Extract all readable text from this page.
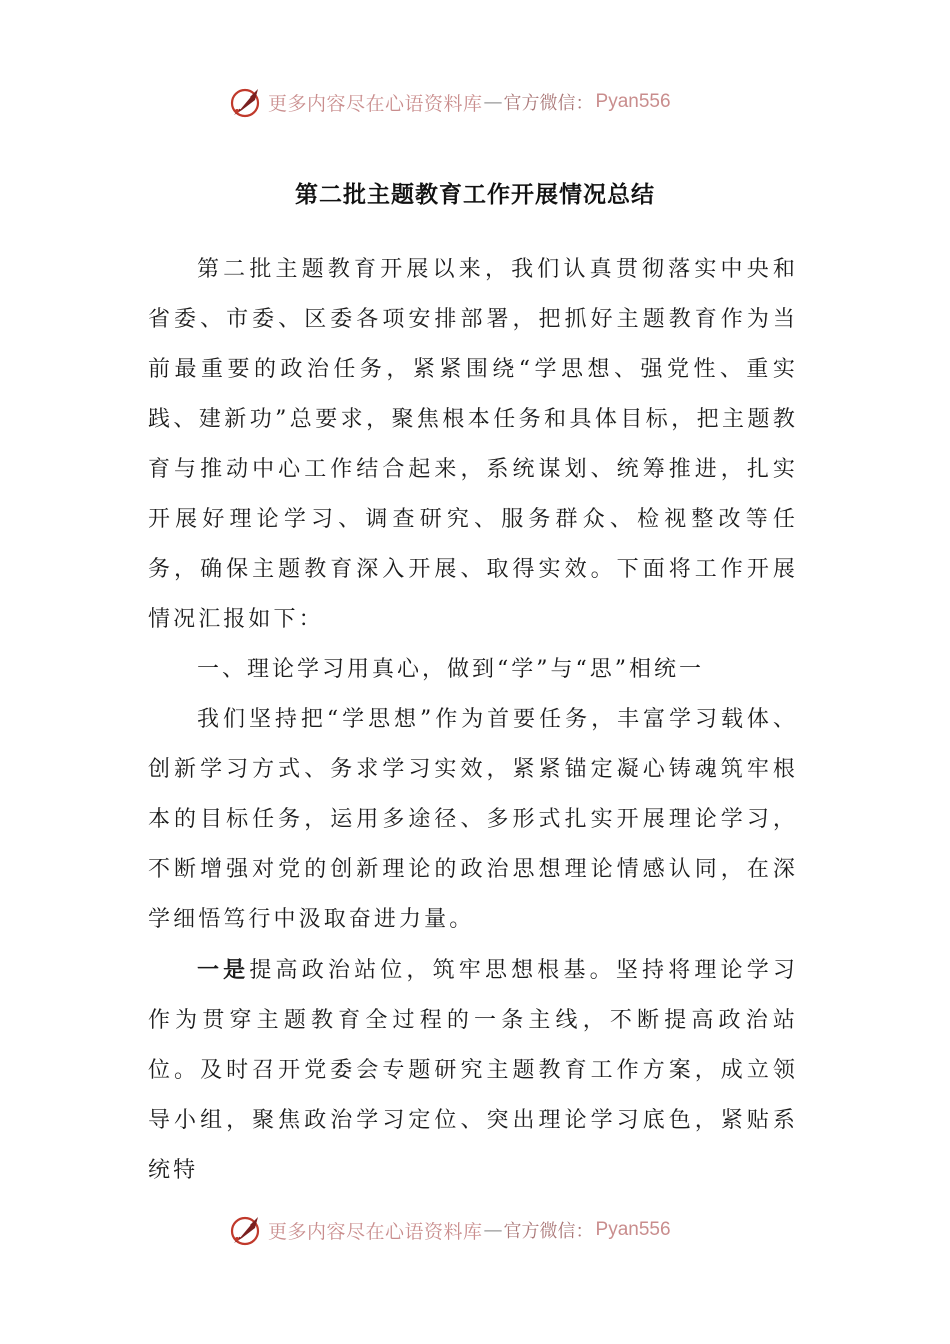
更多内容尽在心语资料库 — 官方微信： Pyan556
第二批主题教育工作开展情况总结

第二批主题教育开展以来，我们认真贯彻落实中央和省委、市委、区委各项安排部署，把抓好主题教育作为当前最重要的政治任务，紧紧围绕“学思想、强党性、重实践、建新功”总要求，聚焦根本任务和具体目标，把主题教育与推动中心工作结合起来，系统谋划、统筹推进，扎实开展好理论学习、调查研究、服务群众、检视整改等任务，确保主题教育深入开展、取得实效。下面将工作开展情况汇报如下：

一、理论学习用真心，做到“学”与“思”相统一

我们坚持把“学思想”作为首要任务，丰富学习载体、创新学习方式、务求学习实效，紧紧锚定凝心铸魂筑牢根本的目标任务，运用多途径、多形式扎实开展理论学习，不断增强对党的创新理论的政治思想理论情感认同，在深学细悟笃行中汲取奋进力量。

一是提高政治站位，筑牢思想根基。坚持将理论学习作为贯穿主题教育全过程的一条主线，不断提高政治站位。及时召开党委会专题研究主题教育工作方案，成立领导小组，聚焦政治学习定位、突出理论学习底色，紧贴系统特

更多内容尽在心语资料库 — 官方微信： Pyan556
